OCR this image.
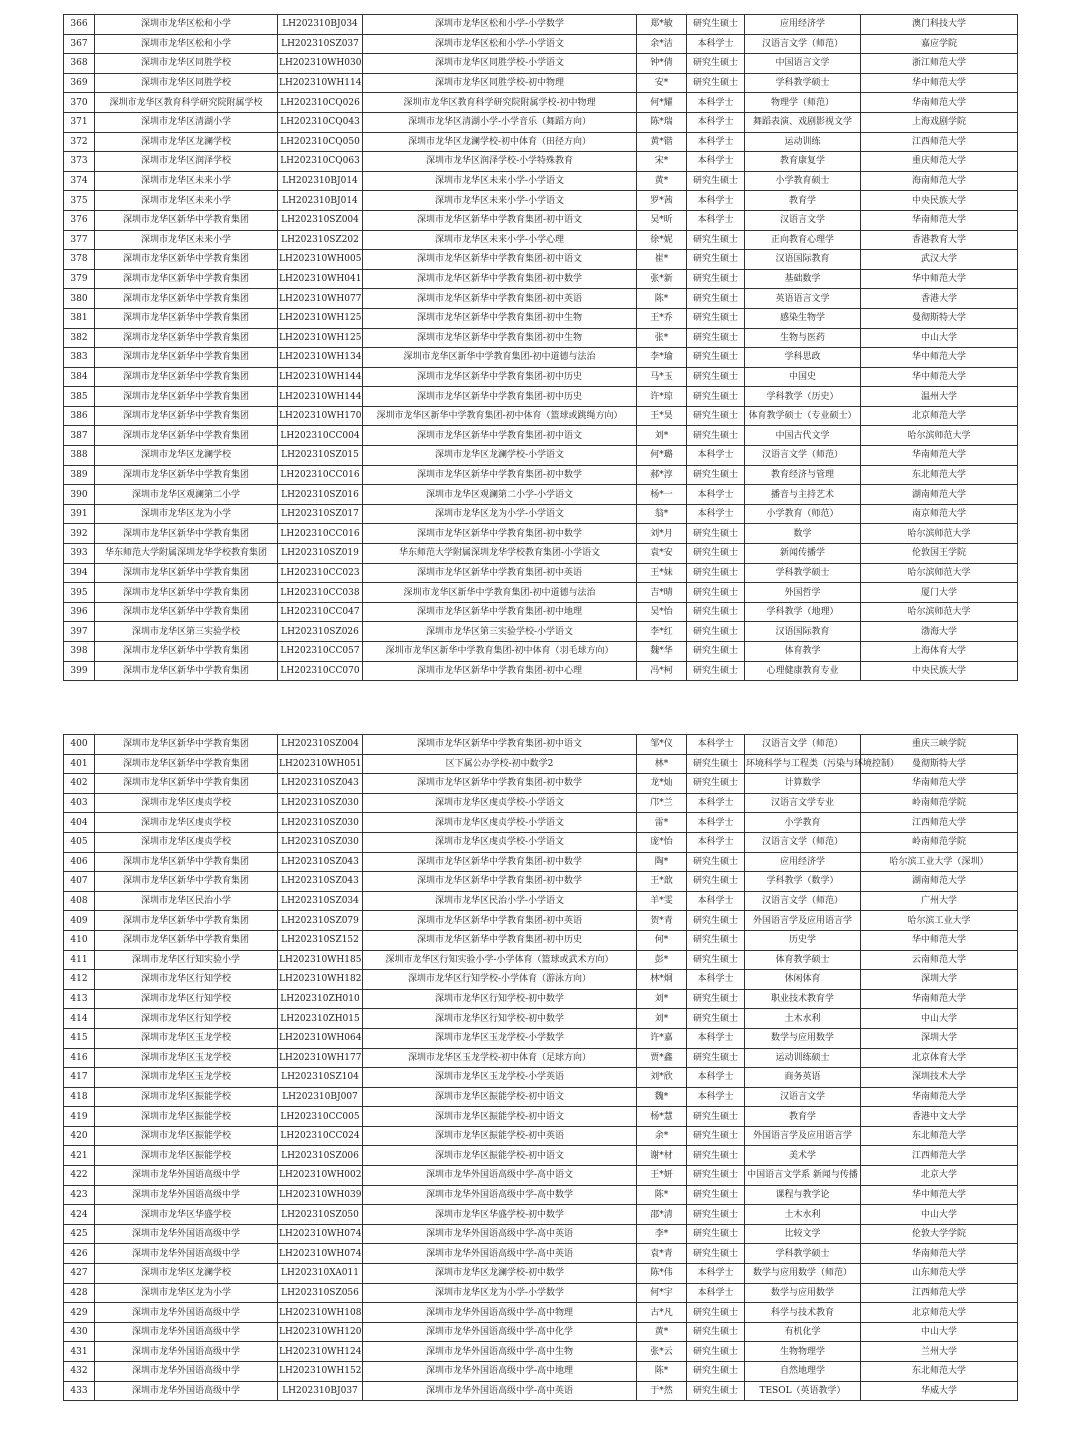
366	深圳市龙华区松和小学	LH202310BJ034	深圳市龙华区松和小学-小学数学	郑*敏	研究生硕士	应用经济学	澳门科技大学
367	深圳市龙华区松和小学	LH202310SZ037	深圳市龙华区松和小学-小学语文	余*洁	本科学士	汉语言文学（师范）	嘉应学院
368	深圳市龙华区同胜学校	LH202310WH030	深圳市龙华区同胜学校-小学语文	钟*倩	研究生硕士	中国语言文学	浙江师范大学
369	深圳市龙华区同胜学校	LH202310WH114	深圳市龙华区同胜学校-初中物理	安*	研究生硕士	学科教学硕士	华中师范大学
370	深圳市龙华区教育科学研究院附属学校	LH202310CQ026	深圳市龙华区教育科学研究院附属学校-初中物理	何*耀	本科学士	物理学（师范）	华南师范大学
371	深圳市龙华区清湖小学	LH202310CQ043	深圳市龙华区清湖小学-小学音乐（舞蹈方向）	陈*瑞	本科学士	舞蹈表演、戏剧影视文学	上海戏剧学院
372	深圳市龙华区龙澜学校	LH202310CQ050	深圳市龙华区龙澜学校-初中体育（田径方向）	黄*锴	本科学士	运动训练	江西师范大学
373	深圳市龙华区润泽学校	LH202310CQ063	深圳市龙华区润泽学校-小学特殊教育	宋*	本科学士	教育康复学	重庆师范大学
374	深圳市龙华区未来小学	LH202310BJ014	深圳市龙华区未来小学-小学语文	黄*	研究生硕士	小学教育硕士	海南师范大学
375	深圳市龙华区未来小学	LH202310BJ014	深圳市龙华区未来小学-小学语文	罗*茜	本科学士	教育学	中央民族大学
376	深圳市龙华区新华中学教育集团	LH202310SZ004	深圳市龙华区新华中学教育集团-初中语文	吴*昕	本科学士	汉语言文学	华南师范大学
377	深圳市龙华区未来小学	LH202310SZ202	深圳市龙华区未来小学-小学心理	徐*妮	研究生硕士	正向教育心理学	香港教育大学
378	深圳市龙华区新华中学教育集团	LH202310WH005	深圳市龙华区新华中学教育集团-初中语文	崔*	研究生硕士	汉语国际教育	武汉大学
379	深圳市龙华区新华中学教育集团	LH202310WH041	深圳市龙华区新华中学教育集团-初中数学	张*新	研究生硕士	基础数学	华中师范大学
380	深圳市龙华区新华中学教育集团	LH202310WH077	深圳市龙华区新华中学教育集团-初中英语	陈*	研究生硕士	英语语言文学	香港大学
381	深圳市龙华区新华中学教育集团	LH202310WH125	深圳市龙华区新华中学教育集团-初中生物	王*乔	研究生硕士	感染生物学	曼彻斯特大学
382	深圳市龙华区新华中学教育集团	LH202310WH125	深圳市龙华区新华中学教育集团-初中生物	张*	研究生硕士	生物与医药	中山大学
383	深圳市龙华区新华中学教育集团	LH202310WH134	深圳市龙华区新华中学教育集团-初中道德与法治	李*瑜	研究生硕士	学科思政	华中师范大学
384	深圳市龙华区新华中学教育集团	LH202310WH144	深圳市龙华区新华中学教育集团-初中历史	马*玉	研究生硕士	中国史	华中师范大学
385	深圳市龙华区新华中学教育集团	LH202310WH144	深圳市龙华区新华中学教育集团-初中历史	许*琼	研究生硕士	学科教学（历史）	温州大学
386	深圳市龙华区新华中学教育集团	LH202310WH170	深圳市龙华区新华中学教育集团-初中体育（篮球或跳绳方向）	王*昊	研究生硕士	体育教学硕士（专业硕士）	北京师范大学
387	深圳市龙华区新华中学教育集团	LH202310CC004	深圳市龙华区新华中学教育集团-初中语文	刘*	研究生硕士	中国古代文学	哈尔滨师范大学
388	深圳市龙华区龙澜学校	LH202310SZ015	深圳市龙华区龙澜学校-小学语文	何*璐	本科学士	汉语言文学（师范）	华南师范大学
389	深圳市龙华区新华中学教育集团	LH202310CC016	深圳市龙华区新华中学教育集团-初中数学	郝*淳	研究生硕士	教育经济与管理	东北师范大学
390	深圳市龙华区观澜第二小学	LH202310SZ016	深圳市龙华区观澜第二小学-小学语文	杨*一	本科学士	播音与主持艺术	湖南师范大学
391	深圳市龙华区龙为小学	LH202310SZ017	深圳市龙华区龙为小学-小学语文	翁*	本科学士	小学教育（师范）	南京师范大学
392	深圳市龙华区新华中学教育集团	LH202310CC016	深圳市龙华区新华中学教育集团-初中数学	刘*月	研究生硕士	数学	哈尔滨师范大学
393	华东师范大学附属深圳龙华学校教育集团	LH202310SZ019	华东师范大学附属深圳龙华学校教育集团-小学语文	袁*安	研究生硕士	新闻传播学	伦敦国王学院
394	深圳市龙华区新华中学教育集团	LH202310CC023	深圳市龙华区新华中学教育集团-初中英语	王*妹	研究生硕士	学科教学硕士	哈尔滨师范大学
395	深圳市龙华区新华中学教育集团	LH202310CC038	深圳市龙华区新华中学教育集团-初中道德与法治	吉*晴	研究生硕士	外国哲学	厦门大学
396	深圳市龙华区新华中学教育集团	LH202310CC047	深圳市龙华区新华中学教育集团-初中地理	吴*怡	研究生硕士	学科教学（地理）	哈尔滨师范大学
397	深圳市龙华区第三实验学校	LH202310SZ026	深圳市龙华区第三实验学校-小学语文	李*红	研究生硕士	汉语国际教育	渤海大学
398	深圳市龙华区新华中学教育集团	LH202310CC057	深圳市龙华区新华中学教育集团-初中体育（羽毛球方向）	魏*华	研究生硕士	体育教学	上海体育大学
399	深圳市龙华区新华中学教育集团	LH202310CC070	深圳市龙华区新华中学教育集团-初中心理	冯*柯	研究生硕士	心理健康教育专业	中央民族大学
400	深圳市龙华区新华中学教育集团	LH202310SZ004	深圳市龙华区新华中学教育集团-初中语文	邹*仪	本科学士	汉语言文学（师范）	重庆三峡学院
401	深圳市龙华区新华中学教育集团	LH202310WH051	区下属公办学校-初中数学2	林*	研究生硕士	环境科学与工程类（污染与环境控制）	曼彻斯特大学
402	深圳市龙华区新华中学教育集团	LH202310SZ043	深圳市龙华区新华中学教育集团-初中数学	龙*灿	研究生硕士	计算数学	华南师范大学
403	深圳市龙华区虔贞学校	LH202310SZ030	深圳市龙华区虔贞学校-小学语文	邝*兰	本科学士	汉语言文学专业	岭南师范学院
404	深圳市龙华区虔贞学校	LH202310SZ030	深圳市龙华区虔贞学校-小学语文	雷*	本科学士	小学教育	江西师范大学
405	深圳市龙华区虔贞学校	LH202310SZ030	深圳市龙华区虔贞学校-小学语文	庞*怡	本科学士	汉语言文学（师范）	岭南师范学院
406	深圳市龙华区新华中学教育集团	LH202310SZ043	深圳市龙华区新华中学教育集团-初中数学	陶*	研究生硕士	应用经济学	哈尔滨工业大学（深圳）
407	深圳市龙华区新华中学教育集团	LH202310SZ043	深圳市龙华区新华中学教育集团-初中数学	王*歆	研究生硕士	学科教学（数学）	湖南师范大学
408	深圳市龙华区民治小学	LH202310SZ034	深圳市龙华区民治小学-小学语文	羊*雯	本科学士	汉语言文学（师范）	广州大学
409	深圳市龙华区新华中学教育集团	LH202310SZ079	深圳市龙华区新华中学教育集团-初中英语	贺*青	研究生硕士	外国语言学及应用语言学	哈尔滨工业大学
410	深圳市龙华区新华中学教育集团	LH202310SZ152	深圳市龙华区新华中学教育集团-初中历史	何*	研究生硕士	历史学	华中师范大学
411	深圳市龙华区行知实验小学	LH202310WH185	深圳市龙华区行知实验小学-小学体育（篮球或武术方向）	彭*	研究生硕士	体育教学硕士	云南师范大学
412	深圳市龙华区行知学校	LH202310WH182	深圳市龙华区行知学校-小学体育（游泳方向）	林*炯	本科学士	休闲体育	深圳大学
413	深圳市龙华区行知学校	LH202310ZH010	深圳市龙华区行知学校-初中数学	刘*	研究生硕士	职业技术教育学	华南师范大学
414	深圳市龙华区行知学校	LH202310ZH015	深圳市龙华区行知学校-初中数学	刘*	研究生硕士	土木水利	中山大学
415	深圳市龙华区玉龙学校	LH202310WH064	深圳市龙华区玉龙学校-小学数学	许*嘉	本科学士	数学与应用数学	深圳大学
416	深圳市龙华区玉龙学校	LH202310WH177	深圳市龙华区玉龙学校-初中体育（足球方向）	贾*鑫	研究生硕士	运动训练硕士	北京体育大学
417	深圳市龙华区玉龙学校	LH202310SZ104	深圳市龙华区玉龙学校-小学英语	刘*欣	本科学士	商务英语	深圳技术大学
418	深圳市龙华区振能学校	LH202310BJ007	深圳市龙华区振能学校-初中语文	魏*	本科学士	汉语言文学	华南师范大学
419	深圳市龙华区振能学校	LH202310CC005	深圳市龙华区振能学校-初中语文	杨*慧	研究生硕士	教育学	香港中文大学
420	深圳市龙华区振能学校	LH202310CC024	深圳市龙华区振能学校-初中英语	余*	研究生硕士	外国语言学及应用语言学	东北师范大学
421	深圳市龙华区振能学校	LH202310SZ006	深圳市龙华区振能学校-初中语文	谢*材	研究生硕士	美术学	江西师范大学
422	深圳市龙华外国语高级中学	LH202310WH002	深圳市龙华外国语高级中学-高中语文	王*妍	研究生硕士	中国语言文学系 新闻与传播	北京大学
423	深圳市龙华外国语高级中学	LH202310WH039	深圳市龙华外国语高级中学-高中数学	陈*	研究生硕士	课程与教学论	华中师范大学
424	深圳市龙华区华盛学校	LH202310SZ050	深圳市龙华区华盛学校-初中数学	邵*清	研究生硕士	土木水利	中山大学
425	深圳市龙华外国语高级中学	LH202310WH074	深圳市龙华外国语高级中学-高中英语	李*	研究生硕士	比较文学	伦敦大学学院
426	深圳市龙华外国语高级中学	LH202310WH074	深圳市龙华外国语高级中学-高中英语	袁*青	研究生硕士	学科教学硕士	华南师范大学
427	深圳市龙华区龙澜学校	LH202310XA011	深圳市龙华区龙澜学校-初中数学	陈*伟	本科学士	数学与应用数学（师范）	山东师范大学
428	深圳市龙华区龙为小学	LH202310SZ056	深圳市龙华区龙为小学-小学数学	何*宇	本科学士	数学与应用数学	江西师范大学
429	深圳市龙华外国语高级中学	LH202310WH108	深圳市龙华外国语高级中学-高中物理	古*凡	研究生硕士	科学与技术教育	北京师范大学
430	深圳市龙华外国语高级中学	LH202310WH120	深圳市龙华外国语高级中学-高中化学	黄*	研究生硕士	有机化学	中山大学
431	深圳市龙华外国语高级中学	LH202310WH124	深圳市龙华外国语高级中学-高中生物	张*云	研究生硕士	生物物理学	兰州大学
432	深圳市龙华外国语高级中学	LH202310WH152	深圳市龙华外国语高级中学-高中地理	陈*	研究生硕士	自然地理学	东北师范大学
433	深圳市龙华外国语高级中学	LH202310BJ037	深圳市龙华外国语高级中学-高中英语	于*然	研究生硕士	TESOL（英语教学）	华威大学
